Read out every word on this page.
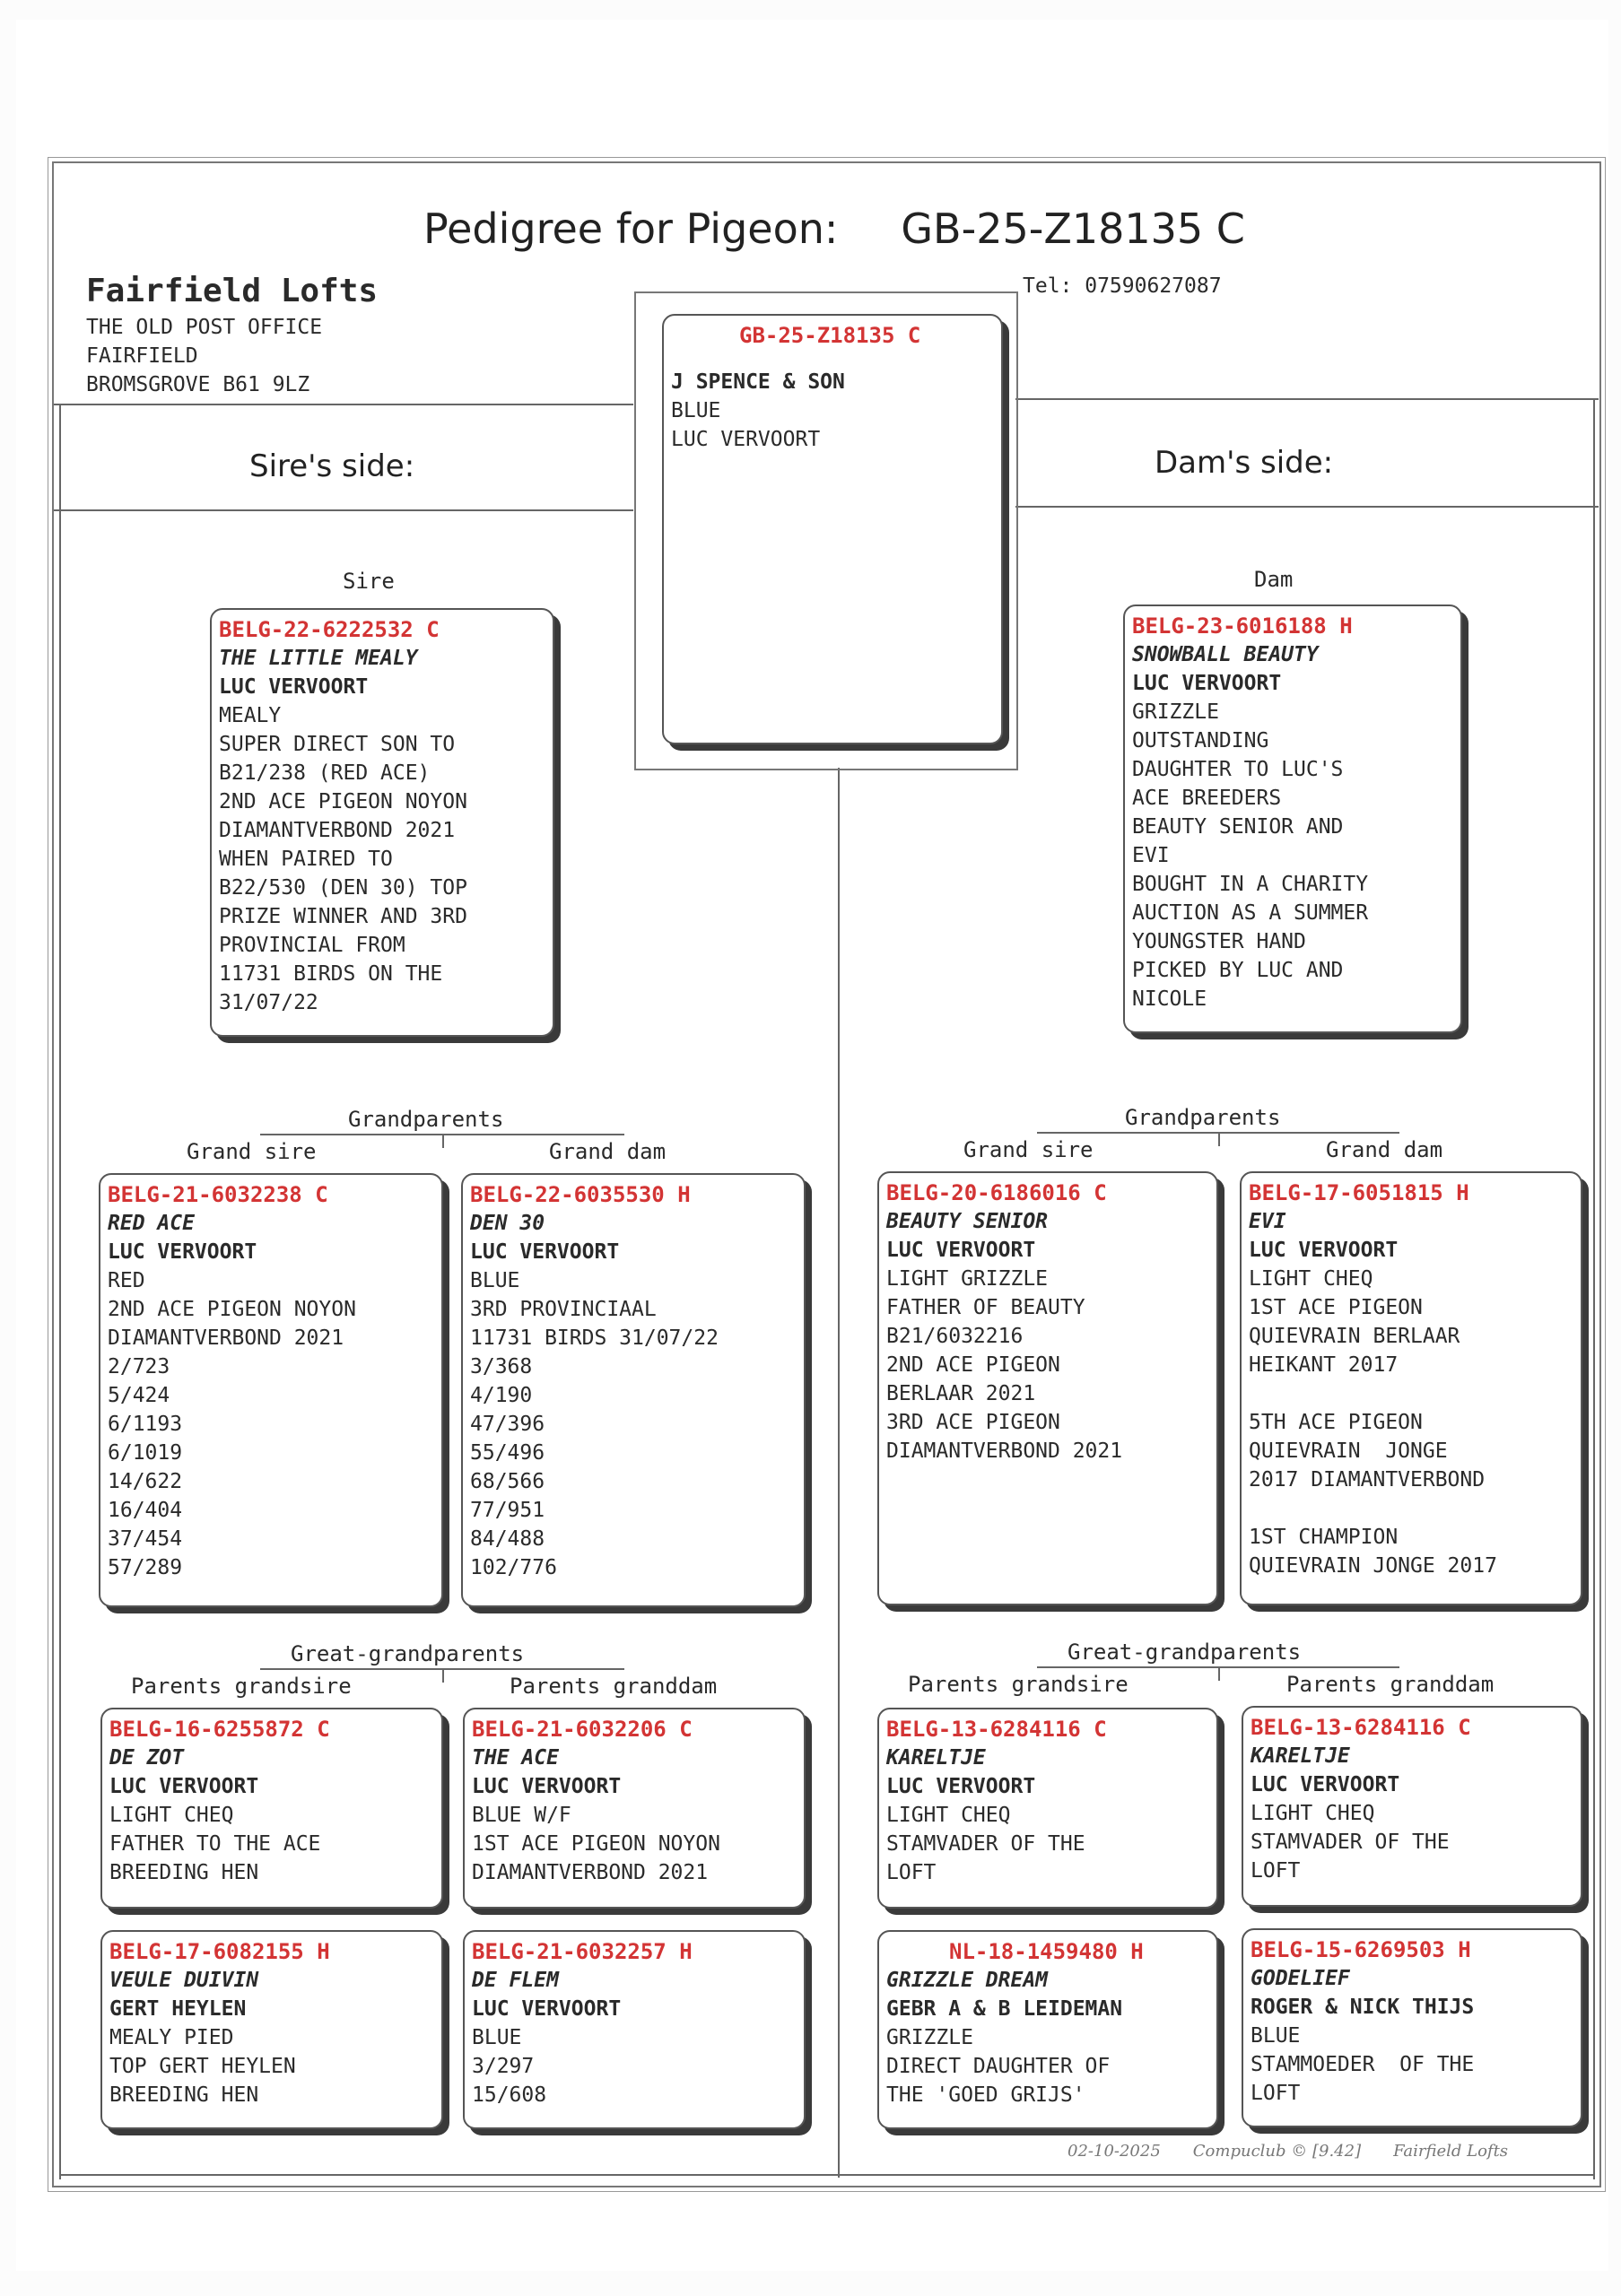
Pedigree for Pigeon: GB-25-Z18135 C
Fairfield Lofts
THE OLD POST OFFICE
FAIRFIELD
BROMSGROVE B61 9LZ
Tel: 07590627087
Sire's side:	Dam's side:
GB-25-Z18135 C
J SPENCE & SON
BLUE
LUC VERVOORT
Sire	Dam
BELG-22-6222532 C
THE LITTLE MEALY
LUC VERVOORT
MEALY
SUPER DIRECT SON TO
B21/238 (RED ACE)
2ND ACE PIGEON NOYON
DIAMANTVERBOND 2021
WHEN PAIRED TO
B22/530 (DEN 30) TOP
PRIZE WINNER AND 3RD
PROVINCIAL FROM
11731 BIRDS ON THE
31/07/22
BELG-23-6016188 H
SNOWBALL BEAUTY
LUC VERVOORT
GRIZZLE
OUTSTANDING
DAUGHTER TO LUC'S
ACE BREEDERS
BEAUTY SENIOR AND
EVI
BOUGHT IN A CHARITY
AUCTION AS A SUMMER
YOUNGSTER HAND
PICKED BY LUC AND
NICOLE
Grandparents
Grand sire	Grand dam
Grandparents
Grand sire	Grand dam
BELG-21-6032238 C
RED ACE
LUC VERVOORT
RED
2ND ACE PIGEON NOYON
DIAMANTVERBOND 2021
2/723
5/424
6/1193
6/1019
14/622
16/404
37/454
57/289
BELG-22-6035530 H
DEN 30
LUC VERVOORT
BLUE
3RD PROVINCIAAL
11731 BIRDS 31/07/22
3/368
4/190
47/396
55/496
68/566
77/951
84/488
102/776
BELG-20-6186016 C
BEAUTY SENIOR
LUC VERVOORT
LIGHT GRIZZLE
FATHER OF BEAUTY
B21/6032216
2ND ACE PIGEON
BERLAAR 2021
3RD ACE PIGEON
DIAMANTVERBOND 2021
BELG-17-6051815 H
EVI
LUC VERVOORT
LIGHT CHEQ
1ST ACE PIGEON
QUIEVRAIN BERLAAR
HEIKANT 2017
5TH ACE PIGEON
QUIEVRAIN  JONGE
2017 DIAMANTVERBOND
1ST CHAMPION
QUIEVRAIN JONGE 2017
Great-grandparents
Parents grandsire	Parents granddam
Great-grandparents
Parents grandsire	Parents granddam
BELG-16-6255872 C
DE ZOT
LUC VERVOORT
LIGHT CHEQ
FATHER TO THE ACE
BREEDING HEN
BELG-21-6032206 C
THE ACE
LUC VERVOORT
BLUE W/F
1ST ACE PIGEON NOYON
DIAMANTVERBOND 2021
BELG-13-6284116 C
KARELTJE
LUC VERVOORT
LIGHT CHEQ
STAMVADER OF THE
LOFT
BELG-13-6284116 C
KARELTJE
LUC VERVOORT
LIGHT CHEQ
STAMVADER OF THE
LOFT
BELG-17-6082155 H
VEULE DUIVIN
GERT HEYLEN
MEALY PIED
TOP GERT HEYLEN
BREEDING HEN
BELG-21-6032257 H
DE FLEM
LUC VERVOORT
BLUE
3/297
15/608
NL-18-1459480 H
GRIZZLE DREAM
GEBR A & B LEIDEMAN
GRIZZLE
DIRECT DAUGHTER OF
THE 'GOED GRIJS'
BELG-15-6269503 H
GODELIEF
ROGER & NICK THIJS
BLUE
STAMMOEDER  OF THE
LOFT
02-10-2025 Compuclub © [9.42] Fairfield Lofts
